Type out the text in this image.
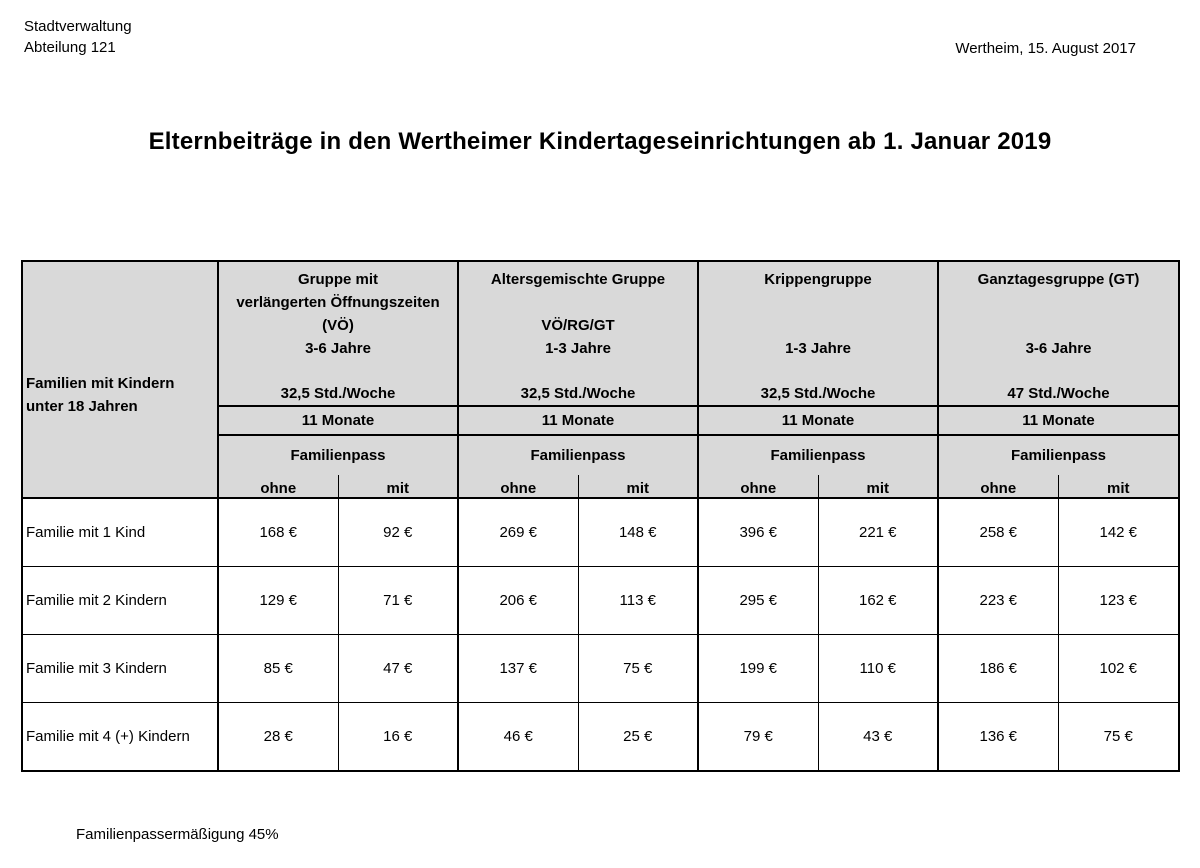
Stadtverwaltung
Abteilung 121	Wertheim, 15. August 2017
Elternbeiträge in den Wertheimer Kindertageseinrichtungen ab 1. Januar 2019
Familien mit Kindern
unter 18 Jahren	Gruppe mit
verlängerten Öffnungszeiten
(VÖ)
3-6 Jahre
32,5 Std./Woche		Altersgemischte Gruppe
VÖ/RG/GT
1-3 Jahre
32,5 Std./Woche		Krippengruppe
1-3 Jahre
32,5 Std./Woche		Ganztagesgruppe (GT)
3-6 Jahre
47 Std./Woche	

	11 Monate		11 Monate		11 Monate		11 Monate	
	Familienpass		Familienpass		Familienpass		Familienpass	
	ohne	mit	ohne	mit	ohne	mit	ohne	mit
Familie mit 1 Kind	168 €	92 €	269 €	148 €	396 €	221 €	258 €	142 €
Familie mit 2 Kindern	129 €	71 €	206 €	113 €	295 €	162 €	223 €	123 €
Familie mit 3 Kindern	85 €	47 €	137 €	75 €	199 €	110 €	186 €	102 €
Familie mit 4 (+) Kindern	28 €	16 €	46 €	25 €	79 €	43 €	136 €	75 €
Familienpassermäßigung 45%
